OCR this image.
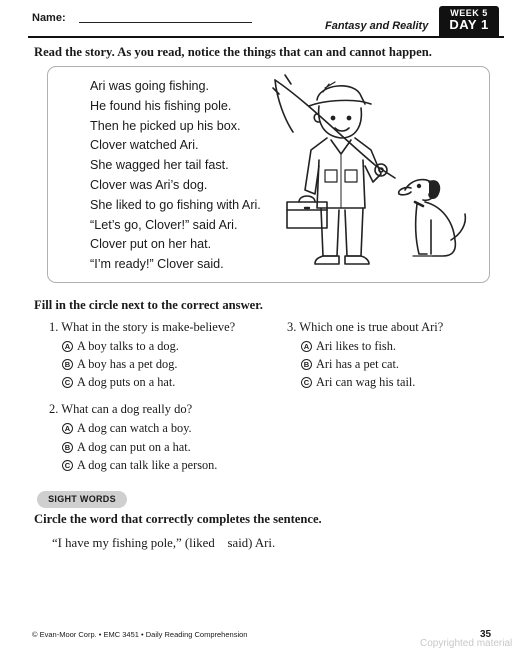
Name:
Fantasy and Reality
WEEK 5
DAY 1
Read the story. As you read, notice the things that can and cannot happen.
Ari was going fishing.
He found his fishing pole.
Then he picked up his box.
Clover watched Ari.
She wagged her tail fast.
Clover was Ari’s dog.
She liked to go fishing with Ari.
“Let’s go, Clover!” said Ari.
Clover put on her hat.
“I’m ready!” Clover said.
Fill in the circle next to the correct answer.
1. What in the story is make-believe?
A A boy talks to a dog.
B A boy has a pet dog.
C A dog puts on a hat.
2. What can a dog really do?
A A dog can watch a boy.
B A dog can put on a hat.
C A dog can talk like a person.
3. Which one is true about Ari?
A Ari likes to fish.
B Ari has a pet cat.
C Ari can wag his tail.
SIGHT WORDS
Circle the word that correctly completes the sentence.
“I have my fishing pole,” (liked    said) Ari.
© Evan-Moor Corp. • EMC 3451 • Daily Reading Comprehension	35
Copyrighted material
